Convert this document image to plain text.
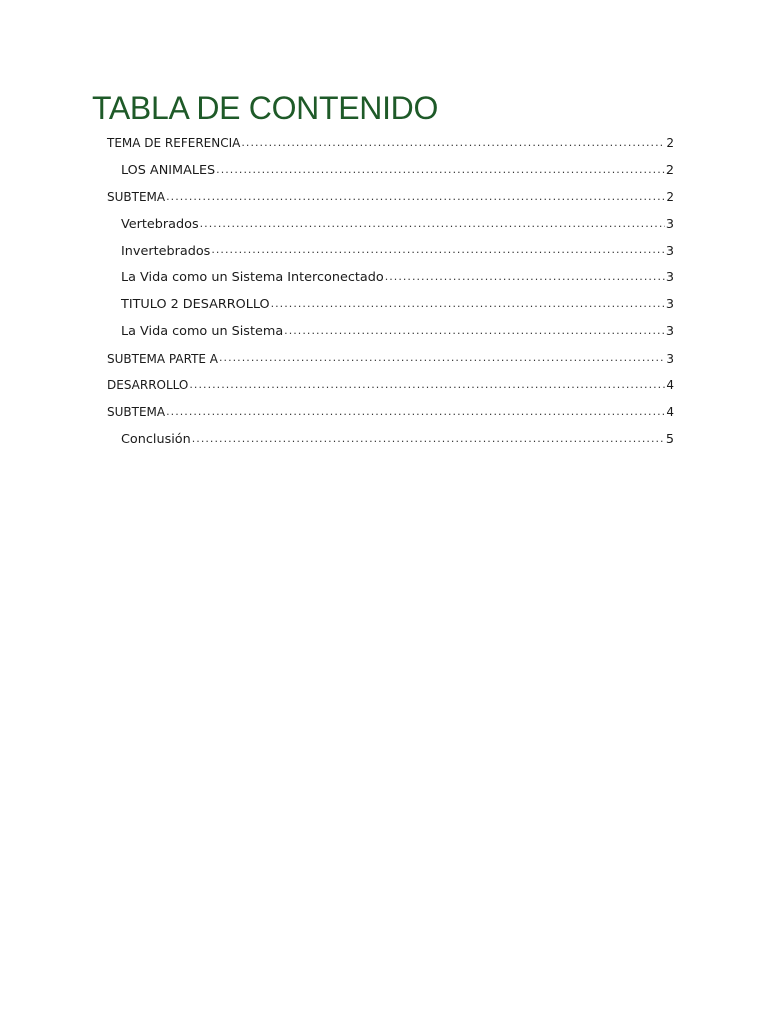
TABLA DE CONTENIDO
TEMA DE REFERENCIA .....	2
LOS ANIMALES .....	2
SUBTEMA .....	2
Vertebrados .....	3
Invertebrados .....	3
La Vida como un Sistema Interconectado .....	3
TITULO 2 DESARROLLO .....	3
La Vida como un Sistema .....	3
SUBTEMA PARTE A .....	3
DESARROLLO .....	4
SUBTEMA .....	4
Conclusión .....	5
